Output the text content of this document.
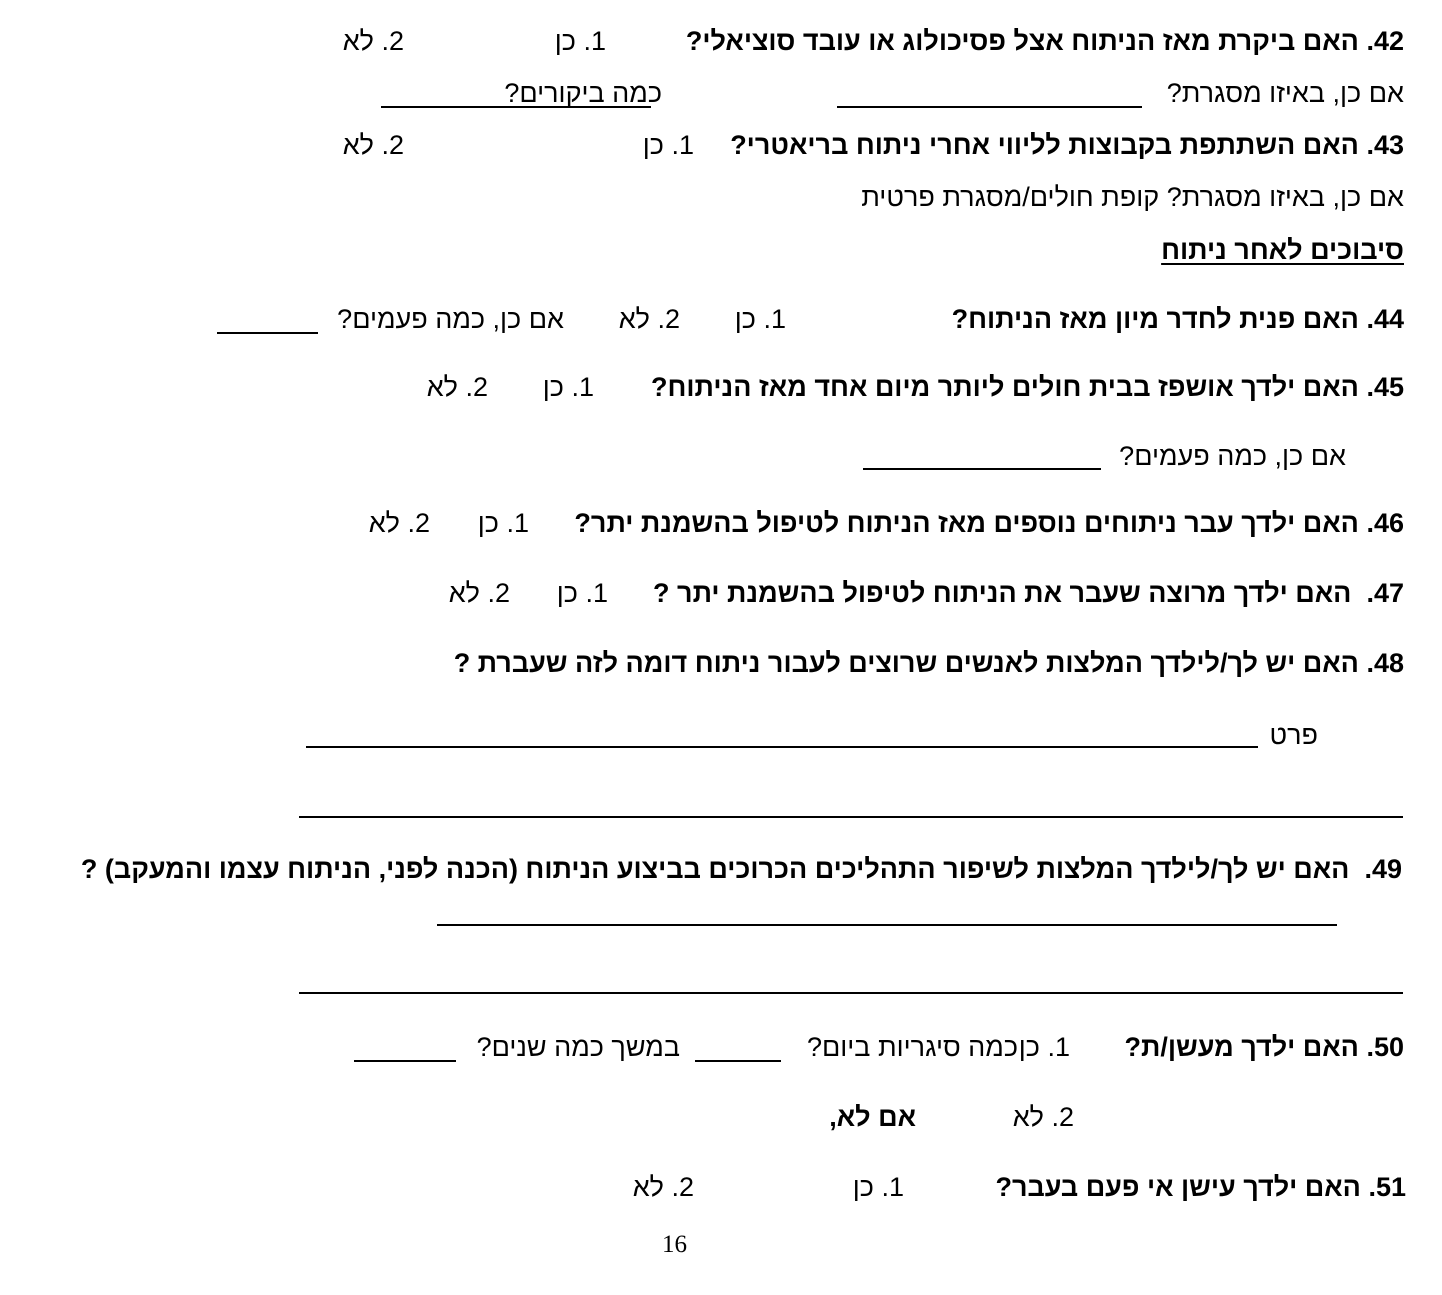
42. האם ביקרת מאז הניתוח אצל פסיכולוג או עובד סוציאלי?
1. כן
2. לא
אם כן, באיזו מסגרת?
כמה ביקורים?
43. האם השתתפת בקבוצות לליווי אחרי ניתוח בריאטרי?
1. כן
2. לא
אם כן, באיזו מסגרת? קופת חולים/מסגרת פרטית
סיבוכים לאחר ניתוח
44. האם פנית לחדר מיון מאז הניתוח?
1. כן
2. לא
אם כן, כמה פעמים?
45. האם ילדך אושפז בבית חולים ליותר מיום אחד מאז הניתוח?
1. כן
2. לא
אם כן, כמה פעמים?
46. האם ילדך עבר ניתוחים נוספים מאז הניתוח לטיפול בהשמנת יתר?
1. כן
2. לא
47.  האם ילדך מרוצה שעבר את הניתוח לטיפול בהשמנת יתר ?
1. כן
2. לא
48. האם יש לך/לילדך המלצות לאנשים שרוצים לעבור ניתוח דומה לזה שעברת ?
פרט
49.  האם יש לך/לילדך המלצות לשיפור התהליכים הכרוכים בביצוע הניתוח (הכנה לפני, הניתוח עצמו והמעקב) ?
50. האם ילדך מעשן/ת?
1. כן
כמה סיגריות ביום?
במשך כמה שנים?
2. לא
אם לא,
51. האם ילדך עישן אי פעם בעבר?
1. כן
2. לא
16
